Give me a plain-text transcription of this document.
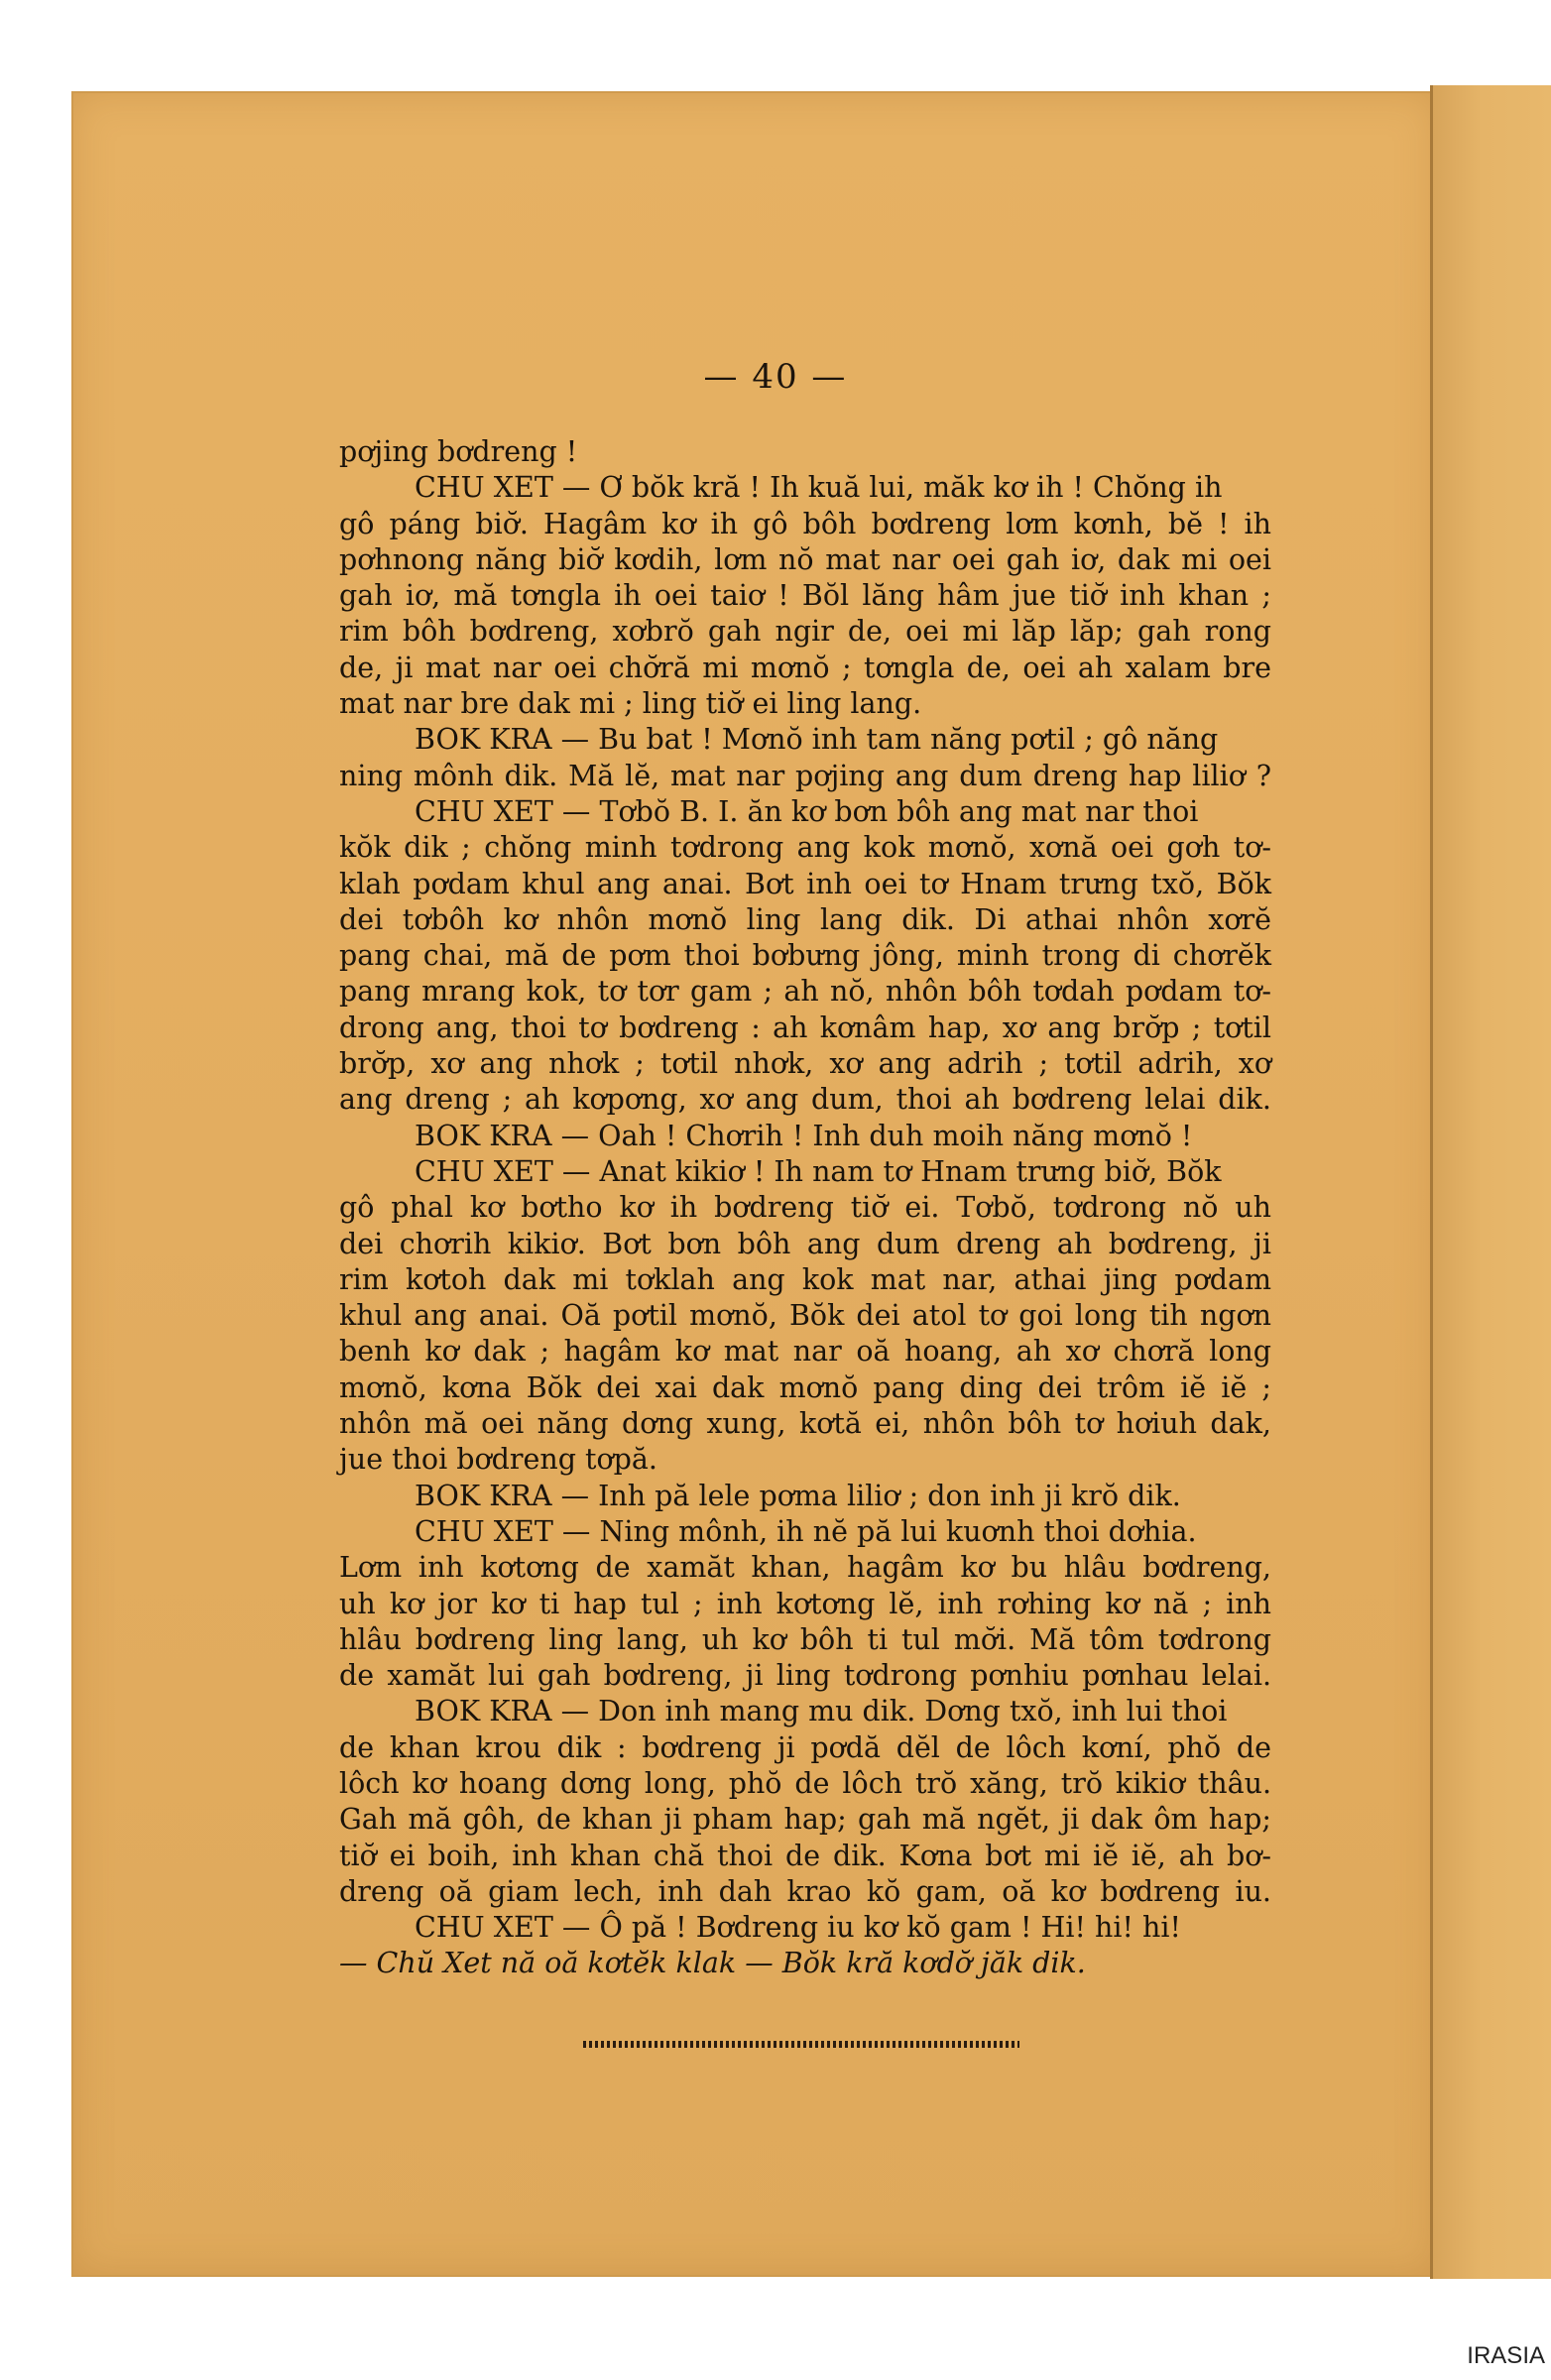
— 40 —
pơjing bơdreng !
CHU XET — Ơ bŏk kră ! Ih kuă lui, măk kơ ih ! Chŏng ih
gô páng biơ̆. Hagâm kơ ih gô bôh bơdreng lơm kơnh, bĕ ! ih
pơhnong năng biơ̆ kơdih, lơm nŏ mat nar oei gah iơ, dak mi oei
gah iơ, mă tơngla ih oei taiơ ! Bŏl lăng hâm jue tiơ̆ inh khan ;
rim bôh bơdreng, xơbrŏ gah ngir de, oei mi lăp lăp; gah rong
de, ji mat nar oei chơ̆ră mi mơnŏ ; tơngla de, oei ah xalam bre
mat nar bre dak mi ; ling tiơ̆ ei ling lang.
BOK KRA — Bu bat ! Mơnŏ inh tam năng pơtil ; gô năng
ning mônh dik. Mă lĕ, mat nar pơjing ang dum dreng hap liliơ ?
CHU XET — Tơbŏ B. I. ăn kơ bơn bôh ang mat nar thoi
kŏk dik ; chŏng minh tơdrong ang kok mơnŏ, xơnă oei gơh tơ-
klah pơdam khul ang anai. Bơt inh oei tơ Hnam trưng txŏ, Bŏk
dei tơbôh kơ nhôn mơnŏ ling lang dik. Di athai nhôn xơrĕ
pang chai, mă de pơm thoi bơbưng jông, minh trong di chơrĕk
pang mrang kok, tơ tơr gam ; ah nŏ, nhôn bôh tơdah pơdam tơ-
drong ang, thoi tơ bơdreng : ah kơnâm hap, xơ ang brơ̆p ; tơtil
brơ̆p, xơ ang nhơk ; tơtil nhơk, xơ ang adrih ; tơtil adrih, xơ
ang dreng ; ah kơpơng, xơ ang dum, thoi ah bơdreng lelai dik.
BOK KRA — Oah ! Chơrih ! Inh duh moih năng mơnŏ !
CHU XET — Anat kikiơ ! Ih nam tơ Hnam trưng biơ̆, Bŏk
gô phal kơ bơtho kơ ih bơdreng tiơ̆ ei. Tơbŏ, tơdrong nŏ uh
dei chơrih kikiơ. Bơt bơn bôh ang dum dreng ah bơdreng, ji
rim kơtoh dak mi tơklah ang kok mat nar, athai jing pơdam
khul ang anai. Oă pơtil mơnŏ, Bŏk dei atol tơ goi long tih ngơn
benh kơ dak ; hagâm kơ mat nar oă hoang, ah xơ chơră long
mơnŏ, kơna Bŏk dei xai dak mơnŏ pang ding dei trôm iĕ iĕ ;
nhôn mă oei năng dơng xung, kơtă ei, nhôn bôh tơ hơiuh dak,
jue thoi bơdreng tơpă.
BOK KRA — Inh pă lele pơma liliơ ; don inh ji krŏ dik.
CHU XET — Ning mônh, ih nĕ pă lui kuơnh thoi dơhia.
Lơm inh kơtơng de xamăt khan, hagâm kơ bu hlâu bơdreng,
uh kơ jor kơ ti hap tul ; inh kơtơng lĕ, inh rơhing kơ nă ; inh
hlâu bơdreng ling lang, uh kơ bôh ti tul mơ̆i. Mă tôm tơdrong
de xamăt lui gah bơdreng, ji ling tơdrong pơnhiu pơnhau lelai.
BOK KRA — Don inh mang mu dik. Dơng txŏ, inh lui thoi
de khan krou dik : bơdreng ji pơdă dĕl de lôch kơní, phŏ de
lôch kơ hoang dơng long, phŏ de lôch trŏ xăng, trŏ kikiơ thâu.
Gah mă gôh, de khan ji pham hap; gah mă ngĕt, ji dak ôm hap;
tiơ̆ ei boih, inh khan chă thoi de dik. Kơna bơt mi iĕ iĕ, ah bơ-
dreng oă giam lech, inh dah krao kŏ gam, oă kơ bơdreng iu.
CHU XET — Ô pă ! Bơdreng iu kơ kŏ gam ! Hi! hi! hi!
— Chŭ Xet nă oă kơtĕk klak — Bŏk kră kơdơ̆ jăk dik.
IRASIA
